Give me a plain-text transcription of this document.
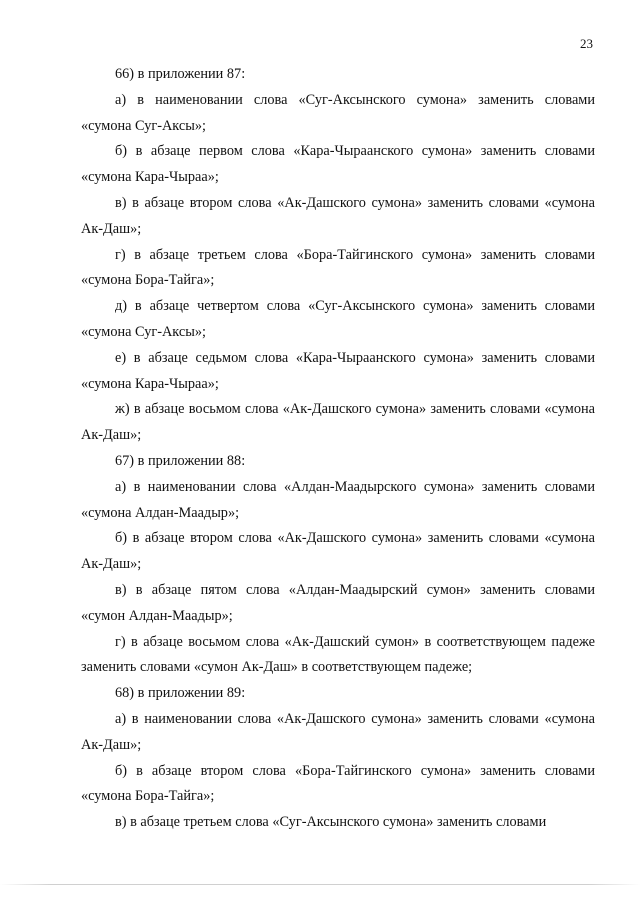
23

66) в приложении 87:

а) в наименовании слова «Суг-Аксынского сумона» заменить словами «сумона Суг-Аксы»;

б) в абзаце первом слова «Кара-Чыраанского сумона» заменить словами «сумона Кара-Чыраа»;

в) в абзаце втором слова «Ак-Дашского сумона» заменить словами «сумона Ак-Даш»;

г) в абзаце третьем слова «Бора-Тайгинского сумона» заменить словами «сумона Бора-Тайга»;

д) в абзаце четвертом слова «Суг-Аксынского сумона» заменить словами «сумона Суг-Аксы»;

е) в абзаце седьмом слова «Кара-Чыраанского сумона» заменить словами «сумона Кара-Чыраа»;

ж) в абзаце восьмом слова «Ак-Дашского сумона» заменить словами «сумона Ак-Даш»;

67) в приложении 88:

а) в наименовании слова «Алдан-Маадырского сумона» заменить словами «сумона Алдан-Маадыр»;

б) в абзаце втором слова «Ак-Дашского сумона» заменить словами «сумона Ак-Даш»;

в) в абзаце пятом слова «Алдан-Маадырский сумон» заменить словами «сумон Алдан-Маадыр»;

г) в абзаце восьмом слова «Ак-Дашский сумон» в соответствующем падеже заменить словами «сумон Ак-Даш» в соответствующем падеже;

68) в приложении 89:

а) в наименовании слова «Ак-Дашского сумона» заменить словами «сумона Ак-Даш»;

б) в абзаце втором слова «Бора-Тайгинского сумона» заменить словами «сумона Бора-Тайга»;

в) в абзаце третьем слова «Суг-Аксынского сумона» заменить словами
